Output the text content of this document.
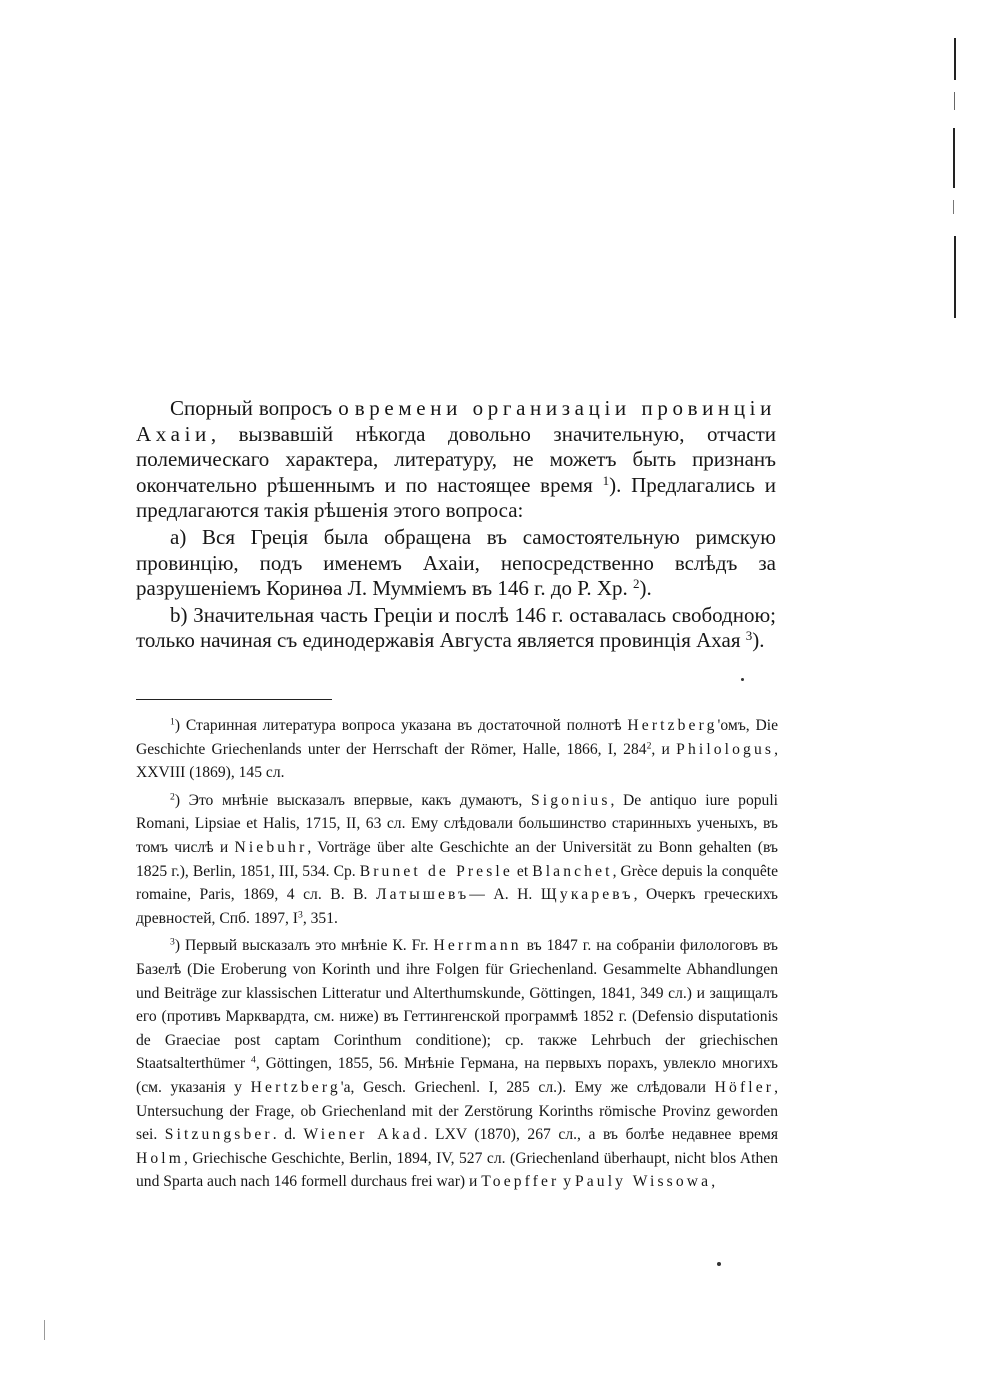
Спорный вопросъ о времени организаціи провинціи Ахаіи, вызвавшій нѣкогда довольно значительную, отчасти полемическаго характера, литературу, не можетъ быть признанъ окончательно рѣшеннымъ и по настоящее время $^1$). Предлагались и предлагаются такія рѣшенія этого вопроса:

а) Вся Греція была обращена въ самостоятельную римскую провинцію, подъ именемъ Ахаіи, непосредственно вслѣдъ за разрушеніемъ Коринѳа Л. Мумміемъ въ 146 г. до Р. Хр. $^2$).

b) Значительная часть Греціи и послѣ 146 г. оставалась свободною; только начиная съ единодержавія Августа является провинція Ахая $^3$).

$^1$) Старинная литература вопроса указана въ достаточной полнотѣ Hertzberg'омъ, Die Geschichte Griechenlands unter der Herrschaft der Römer, Halle, 1866, I, $284^2$, и Philologus, XXVIII (1869), 145 сл.

$^2$) Это мнѣніе высказалъ впервые, какъ думаютъ, Sigonius, De antiquo iure populi Romani, Lipsiae et Halis, 1715, II, 63 сл. Ему слѣдовали большинство старинныхъ ученыхъ, въ томъ числѣ и Niebuhr, Vorträge über alte Geschichte an der Universität zu Bonn gehalten (въ 1825 г.), Berlin, 1851, III, 534. Ср. Brunet de Presle et Blanchet, Grèce depuis la conquête romaine, Paris, 1869, 4 сл. В. В. Латышевъ— А. Н. Щукаревъ, Очеркъ греческихъ древностей, Спб. 1897, $I^3$, 351.

$^3$) Первый высказалъ это мнѣніе К. Fr. Herrmann въ 1847 г. на собраніи филологовъ въ Базелѣ (Die Eroberung von Korinth und ihre Folgen für Griechenland. Gesammelte Abhandlungen und Beiträge zur klassischen Litteratur und Alterthumskunde, Göttingen, 1841, 349 сл.) и защищалъ его (противъ Марквардта, см. ниже) въ Геттингенской программѣ 1852 г. (Defensio disputationis de Graeciae post captam Corinthum conditione); ср. также Lehrbuch der griechischen Staatsalterthümer $^4$, Göttingen, 1855, 56. Мнѣніе Германа, на первыхъ порахъ, увлекло многихъ (см. указанія у Hertzberg'a, Gesch. Griechenl. I, 285 сл.). Ему же слѣдовали Höfler, Untersuchung der Frage, ob Griechenland mit der Zerstörung Korinths römische Provinz geworden sei. Sitzungsber. d. Wiener Akad. LXV (1870), 267 сл., а въ болѣе недавнее время Holm, Griechische Geschichte, Berlin, 1894, IV, 527 сл. (Griechenland überhaupt, nicht blos Athen und Sparta auch nach 146 formell durchaus frei war) и Toepffer у Pauly Wissowa,
